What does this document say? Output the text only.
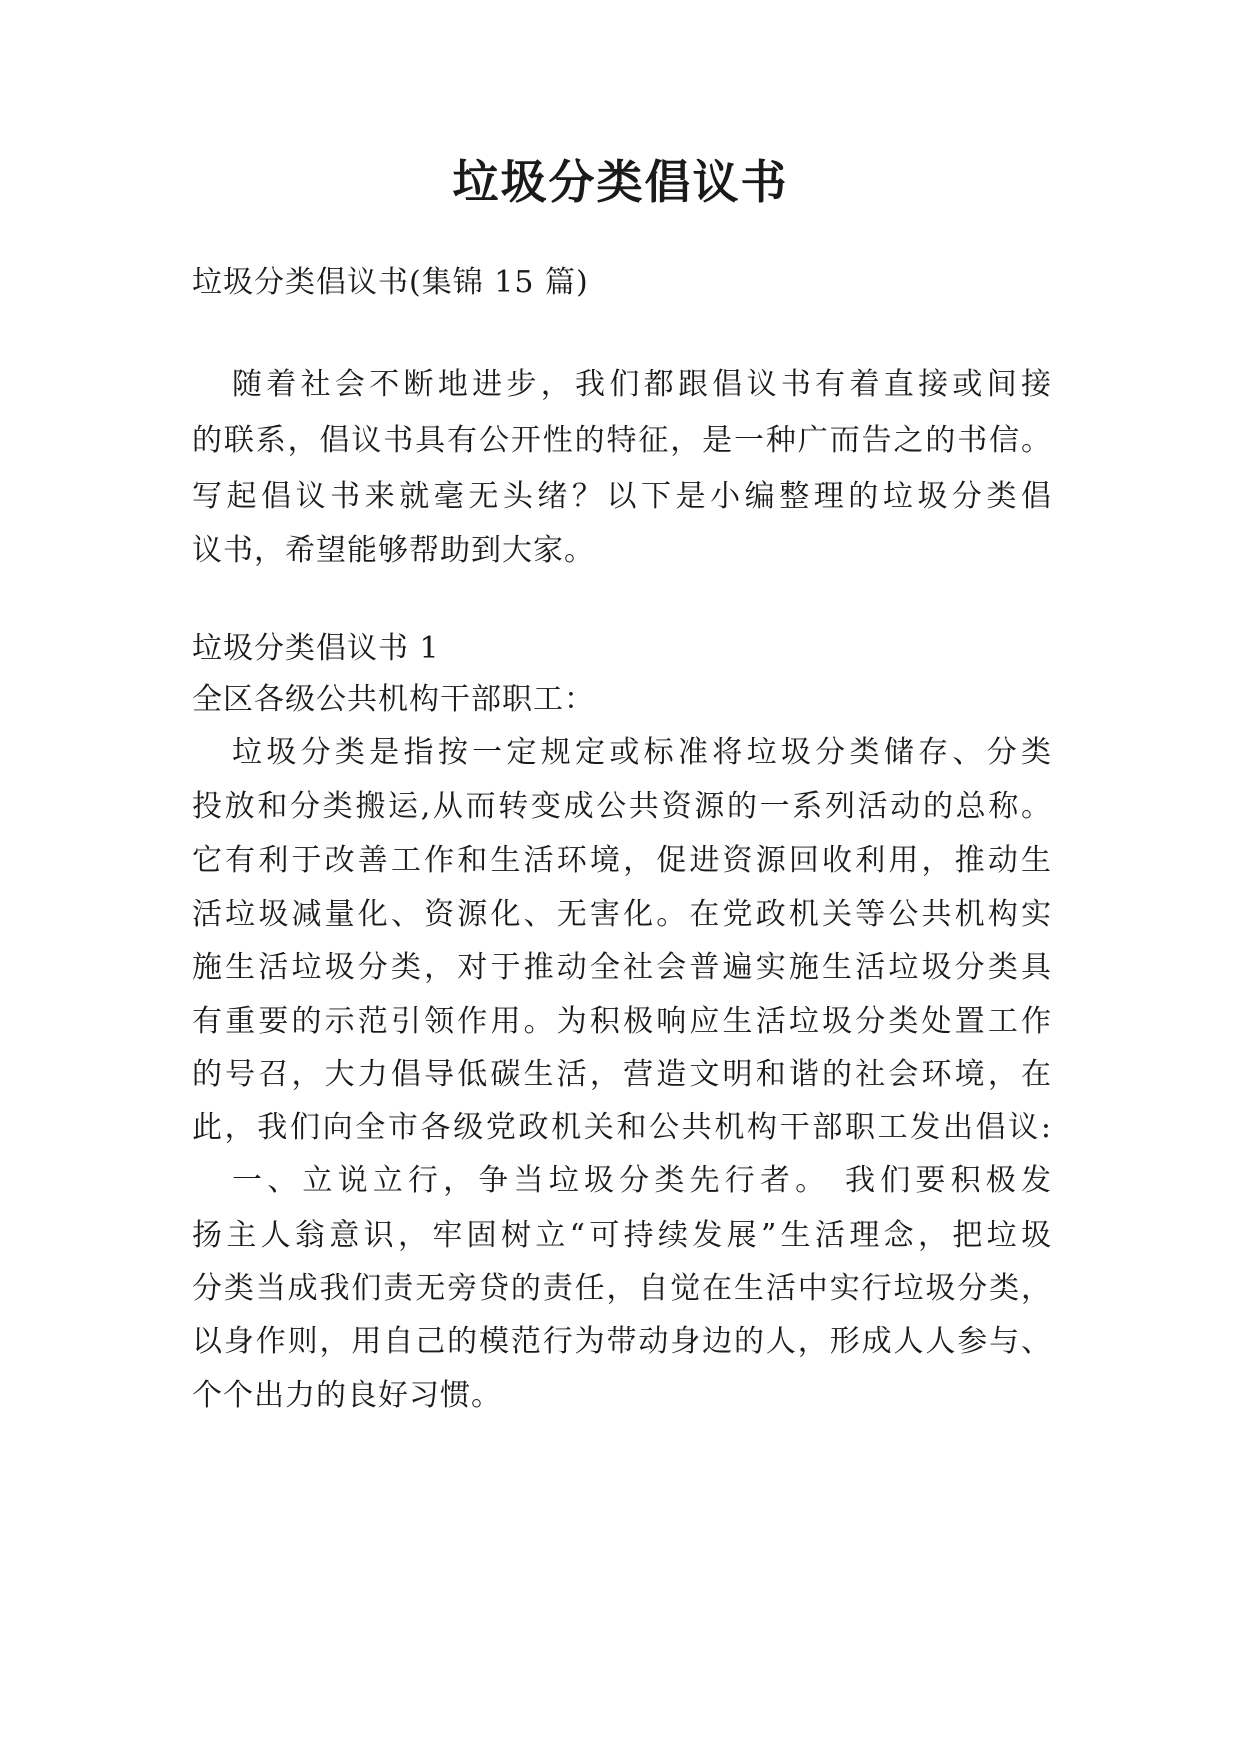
垃圾分类倡议书

垃圾分类倡议书(集锦 15 篇)

随着社会不断地进步，我们都跟倡议书有着直接或间接

的联系，倡议书具有公开性的特征，是一种广而告之的书信。

写起倡议书来就毫无头绪？以下是小编整理的垃圾分类倡

议书，希望能够帮助到大家。

垃圾分类倡议书 1

全区各级公共机构干部职工：

垃圾分类是指按一定规定或标准将垃圾分类储存、分类

投放和分类搬运,从而转变成公共资源的一系列活动的总称。

它有利于改善工作和生活环境，促进资源回收利用，推动生

活垃圾减量化、资源化、无害化。在党政机关等公共机构实

施生活垃圾分类，对于推动全社会普遍实施生活垃圾分类具

有重要的示范引领作用。为积极响应生活垃圾分类处置工作

的号召，大力倡导低碳生活，营造文明和谐的社会环境，在

此，我们向全市各级党政机关和公共机构干部职工发出倡议:

一、立说立行，争当垃圾分类先行者。 我们要积极发

扬主人翁意识，牢固树立“可持续发展”生活理念，把垃圾

分类当成我们责无旁贷的责任，自觉在生活中实行垃圾分类，

以身作则，用自己的模范行为带动身边的人，形成人人参与、

个个出力的良好习惯。
